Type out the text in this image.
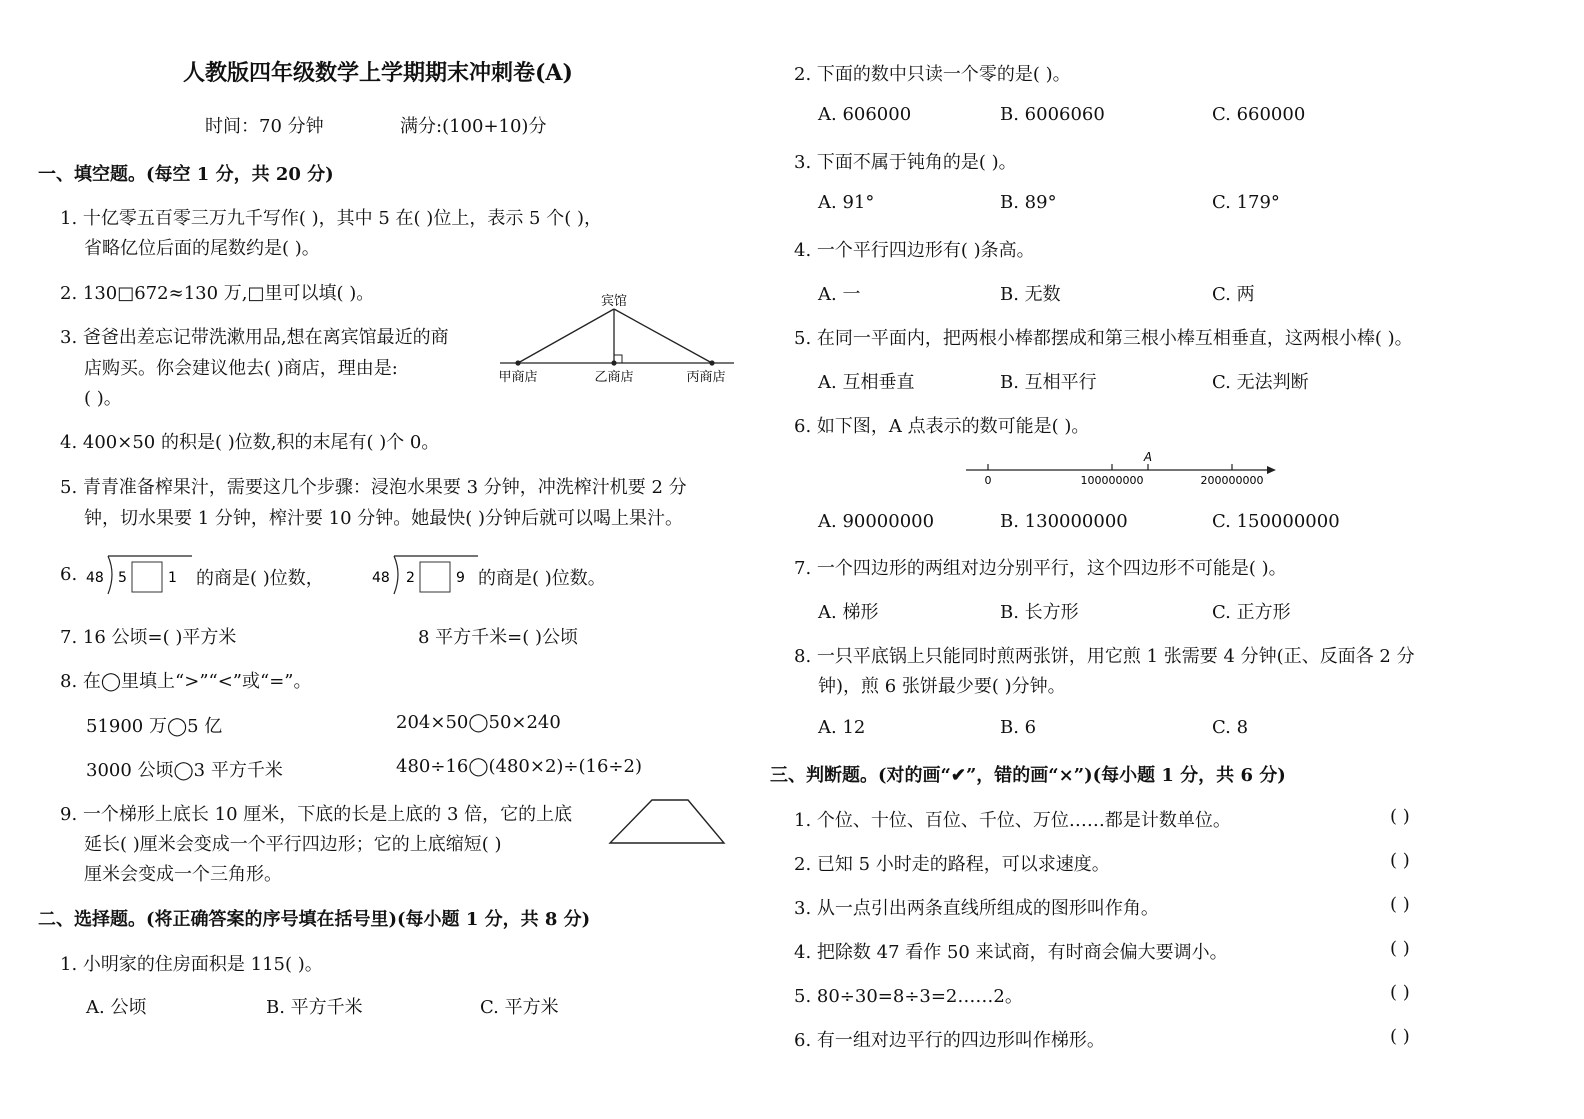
人教版四年级数学上学期期末冲刺卷(A)
时间：70 分钟	满分:(100+10)分
一、填空题。(每空 1 分，共 20 分)
1. 十亿零五百零三万九千写作( )，其中 5 在( )位上，表示 5 个( )，
省略亿位后面的尾数约是( )。
2. 130□672≈130 万,□里可以填( )。
3. 爸爸出差忘记带洗漱用品,想在离宾馆最近的商
店购买。你会建议他去( )商店，理由是:
( )。
宾馆
甲商店	乙商店	丙商店
4. 400×50 的积是( )位数,积的末尾有( )个 0。
5. 青青准备榨果汁，需要这几个步骤：浸泡水果要 3 分钟，冲洗榨汁机要 2 分
钟，切水果要 1 分钟，榨汁要 10 分钟。她最快( )分钟后就可以喝上果汁。
6. 48 5	1 的商是( )位数，	48 2	9 的商是( )位数。
7. 16 公顷=( )平方米	8 平方千米=( )公顷
8. 在◯里填上“>”“<”或“=”。
51900 万◯5 亿	204×50◯50×240
3000 公顷◯3 平方千米	480÷16◯(480×2)÷(16÷2)
9. 一个梯形上底长 10 厘米，下底的长是上底的 3 倍，它的上底
延长( )厘米会变成一个平行四边形；它的上底缩短( )
厘米会变成一个三角形。
二、选择题。(将正确答案的序号填在括号里)(每小题 1 分，共 8 分)
1. 小明家的住房面积是 115( )。
A. 公顷	B. 平方千米	C. 平方米
2. 下面的数中只读一个零的是( )。
A. 606000	B. 6006060	C. 660000
3. 下面不属于钝角的是( )。
A. 91°	B. 89°	C. 179°
4. 一个平行四边形有( )条高。
A. 一	B. 无数	C. 两
5. 在同一平面内，把两根小棒都摆成和第三根小棒互相垂直，这两根小棒( )。
A. 互相垂直	B. 互相平行	C. 无法判断
6. 如下图，A 点表示的数可能是( )。
A
0	100000000	200000000
A. 90000000	B. 130000000	C. 150000000
7. 一个四边形的两组对边分别平行，这个四边形不可能是( )。
A. 梯形	B. 长方形	C. 正方形
8. 一只平底锅上只能同时煎两张饼，用它煎 1 张需要 4 分钟(正、反面各 2 分
钟)，煎 6 张饼最少要( )分钟。
A. 12	B. 6	C. 8
三、判断题。(对的画“✔”，错的画“×”)(每小题 1 分，共 6 分)
1. 个位、十位、百位、千位、万位……都是计数单位。	( )
2. 已知 5 小时走的路程，可以求速度。	( )
3. 从一点引出两条直线所组成的图形叫作角。	( )
4. 把除数 47 看作 50 来试商，有时商会偏大要调小。	( )
5. 80÷30=8÷3=2……2。	( )
6. 有一组对边平行的四边形叫作梯形。	( )
